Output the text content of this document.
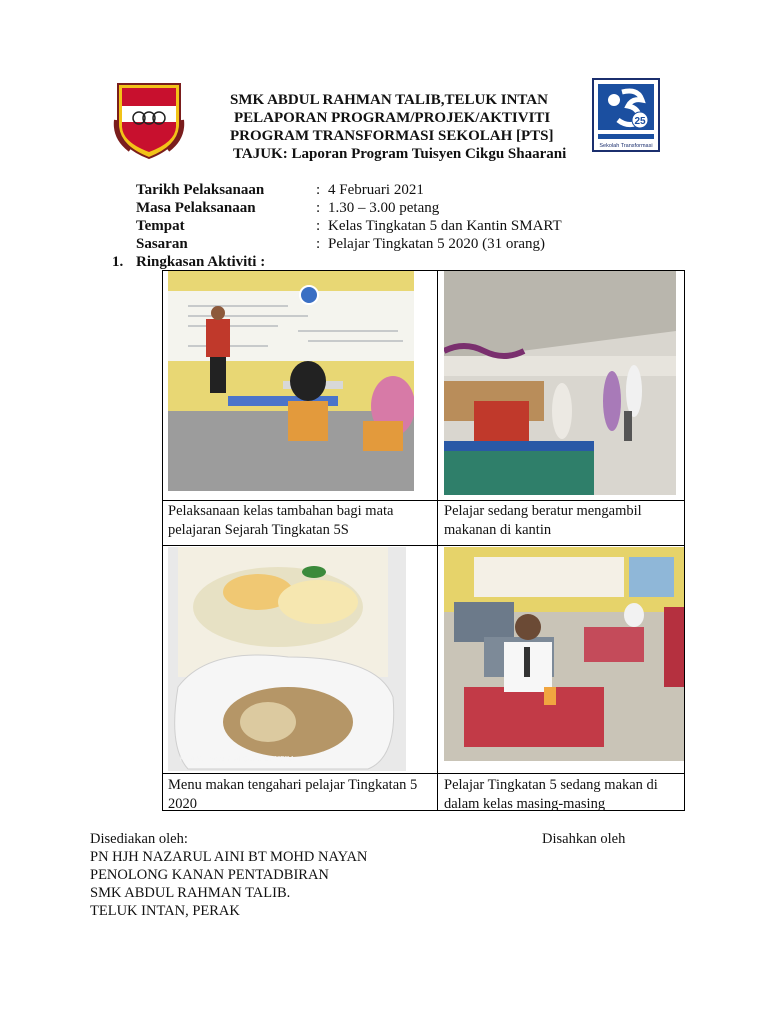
25
Sekolah Transformasi
SMK ABDUL RAHMAN TALIB,TELUK INTAN
PELAPORAN PROGRAM/PROJEK/AKTIVITI
PROGRAM TRANSFORMASI SEKOLAH [PTS]
TAJUK: Laporan Program Tuisyen Cikgu Shaarani
Tarikh Pelaksanaan	: 4 Februari 2021
Masa Pelaksanaan	: 1.30 – 3.00 petang
Tempat	: Kelas Tingkatan 5 dan Kantin SMART
Sasaran	: Pelajar Tingkatan 5 2020 (31 orang)
1. Ringkasan Aktiviti :
HUAWEI nova 7i AI QUAD CAMERA
Pelaksanaan kelas tambahan bagi mata pelajaran Sejarah Tingkatan 5S
Pelajar sedang beratur mengambil makanan di kantin
Menu makan tengahari pelajar Tingkatan 5 2020
Pelajar Tingkatan 5 sedang makan di dalam kelas masing-masing
Disediakan oleh:	Disahkan oleh
PN HJH NAZARUL AINI BT MOHD NAYAN
PENOLONG KANAN PENTADBIRAN
SMK ABDUL RAHMAN TALIB.
TELUK INTAN, PERAK
